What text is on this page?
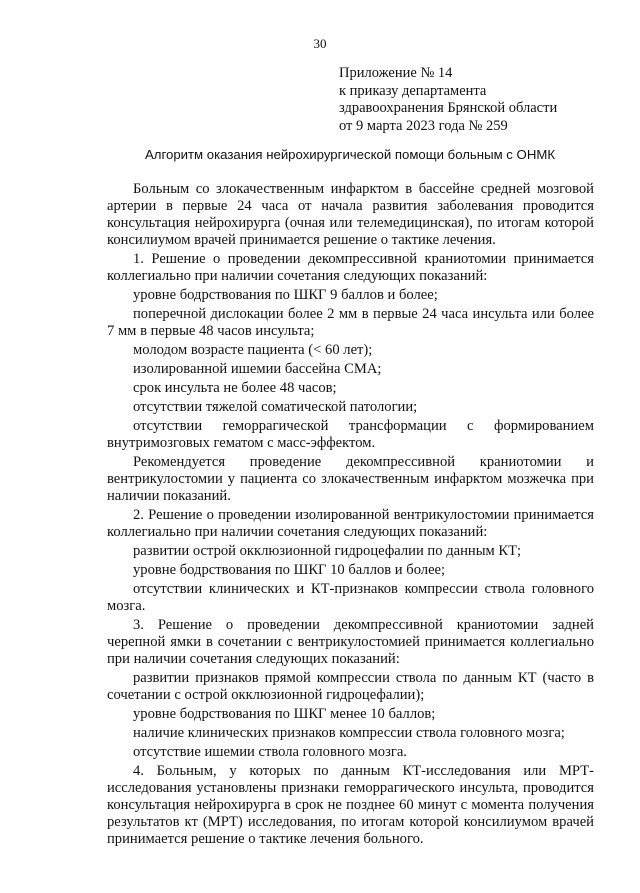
30
Приложение № 14
к приказу департамента
здравоохранения Брянской области
от 9 марта 2023 года № 259
Алгоритм оказания нейрохирургической помощи больным с ОНМК

Больным со злокачественным инфарктом в бассейне средней мозговой артерии в первые 24 часа от начала развития заболевания проводится консультация нейрохирурга (очная или телемедицинская), по итогам которой консилиумом врачей принимается решение о тактике лечения.

1. Решение о проведении декомпрессивной краниотомии принимается коллегиально при наличии сочетания следующих показаний:

уровне бодрствования по ШКГ 9 баллов и более;

поперечной дислокации более 2 мм в первые 24 часа инсульта или более 7 мм в первые 48 часов инсульта;

молодом возрасте пациента (< 60 лет);

изолированной ишемии бассейна СМА;

срок инсульта не более 48 часов;

отсутствии тяжелой соматической патологии;

отсутствии геморрагической трансформации с формированием внутримозговых гематом с масс-эффектом.

Рекомендуется проведение декомпрессивной краниотомии и вентрикулостомии у пациента со злокачественным инфарктом мозжечка при наличии показаний.

2. Решение о проведении изолированной вентрикулостомии принимается коллегиально при наличии сочетания следующих показаний:

развитии острой окклюзионной гидроцефалии по данным КТ;

уровне бодрствования по ШКГ 10 баллов и более;

отсутствии клинических и КТ-признаков компрессии ствола головного мозга.

3. Решение о проведении декомпрессивной краниотомии задней черепной ямки в сочетании с вентрикулостомией принимается коллегиально при наличии сочетания следующих показаний:

развитии признаков прямой компрессии ствола по данным КТ (часто в сочетании с острой окклюзионной гидроцефалии);

уровне бодрствования по ШКГ менее 10 баллов;

наличие клинических признаков компрессии ствола головного мозга;

отсутствие ишемии ствола головного мозга.

4. Больным, у которых по данным КТ-исследования или МРТ-исследования установлены признаки геморрагического инсульта, проводится консультация нейрохирурга в срок не позднее 60 минут с момента получения результатов кт (МРТ) исследования, по итогам которой консилиумом врачей принимается решение о тактике лечения больного.
